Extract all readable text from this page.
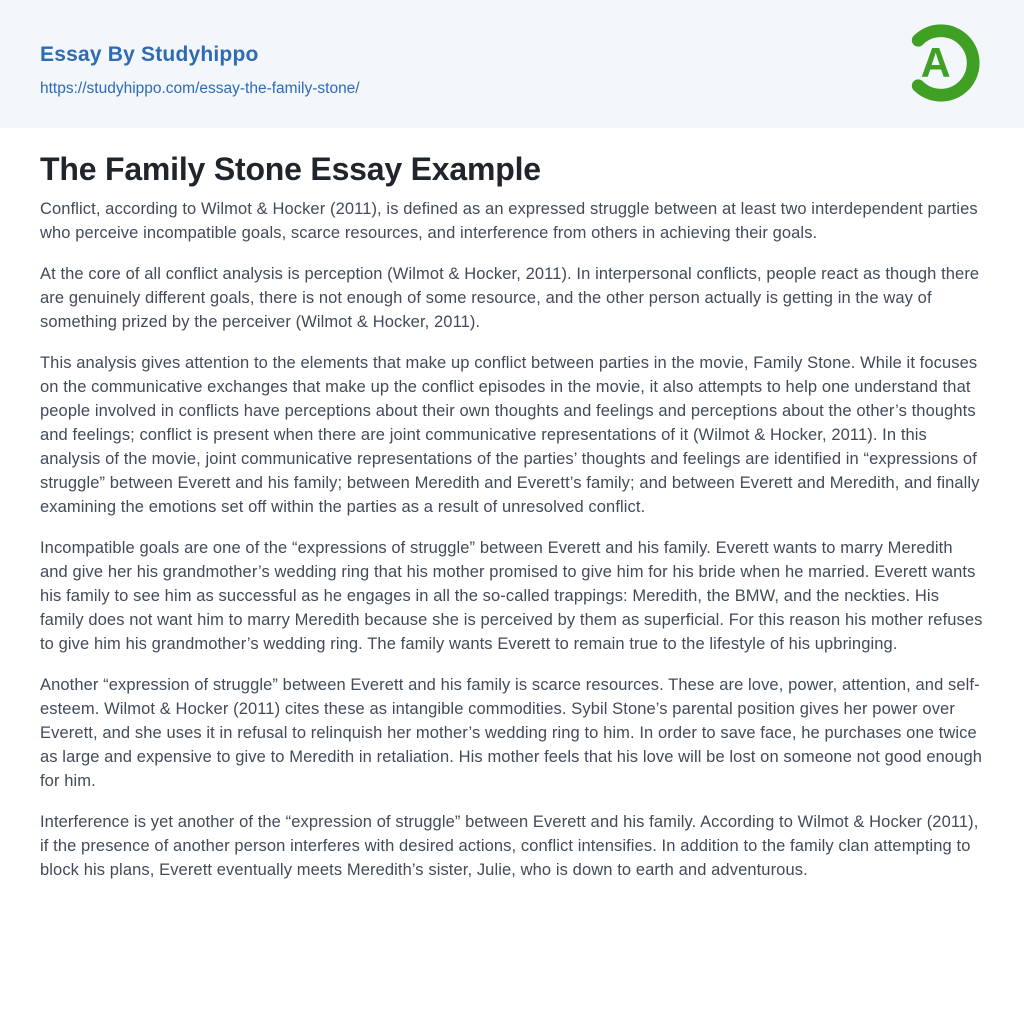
Essay By Studyhippo
https://studyhippo.com/essay-the-family-stone/
A
The Family Stone Essay Example

Conflict, according to Wilmot & Hocker (2011), is defined as an expressed struggle between at least two interdependent parties who perceive incompatible goals, scarce resources, and interference from others in achieving their goals.

At the core of all conflict analysis is perception (Wilmot & Hocker, 2011). In interpersonal conflicts, people react as though there are genuinely different goals, there is not enough of some resource, and the other person actually is getting in the way of something prized by the perceiver (Wilmot & Hocker, 2011).

This analysis gives attention to the elements that make up conflict between parties in the movie, Family Stone. While it focuses on the communicative exchanges that make up the conflict episodes in the movie, it also attempts to help one understand that people involved in conflicts have perceptions about their own thoughts and feelings and perceptions about the other’s thoughts and feelings; conflict is present when there are joint communicative representations of it (Wilmot & Hocker, 2011). In this analysis of the movie, joint communicative representations of the parties’ thoughts and feelings are identified in “expressions of struggle” between Everett and his family; between Meredith and Everett’s family; and between Everett and Meredith, and finally examining the emotions set off within the parties as a result of unresolved conflict.

Incompatible goals are one of the “expressions of struggle” between Everett and his family. Everett wants to marry Meredith and give her his grandmother’s wedding ring that his mother promised to give him for his bride when he married. Everett wants his family to see him as successful as he engages in all the so-called trappings: Meredith, the BMW, and the neckties. His family does not want him to marry Meredith because she is perceived by them as superficial. For this reason his mother refuses to give him his grandmother’s wedding ring. The family wants Everett to remain true to the lifestyle of his upbringing.

Another “expression of struggle” between Everett and his family is scarce resources. These are love, power, attention, and self-esteem. Wilmot & Hocker (2011) cites these as intangible commodities. Sybil Stone’s parental position gives her power over Everett, and she uses it in refusal to relinquish her mother’s wedding ring to him. In order to save face, he purchases one twice as large and expensive to give to Meredith in retaliation. His mother feels that his love will be lost on someone not good enough for him.

Interference is yet another of the “expression of struggle” between Everett and his family. According to Wilmot & Hocker (2011), if the presence of another person interferes with desired actions, conflict intensifies. In addition to the family clan attempting to block his plans, Everett eventually meets Meredith’s sister, Julie, who is down to earth and adventurous.
